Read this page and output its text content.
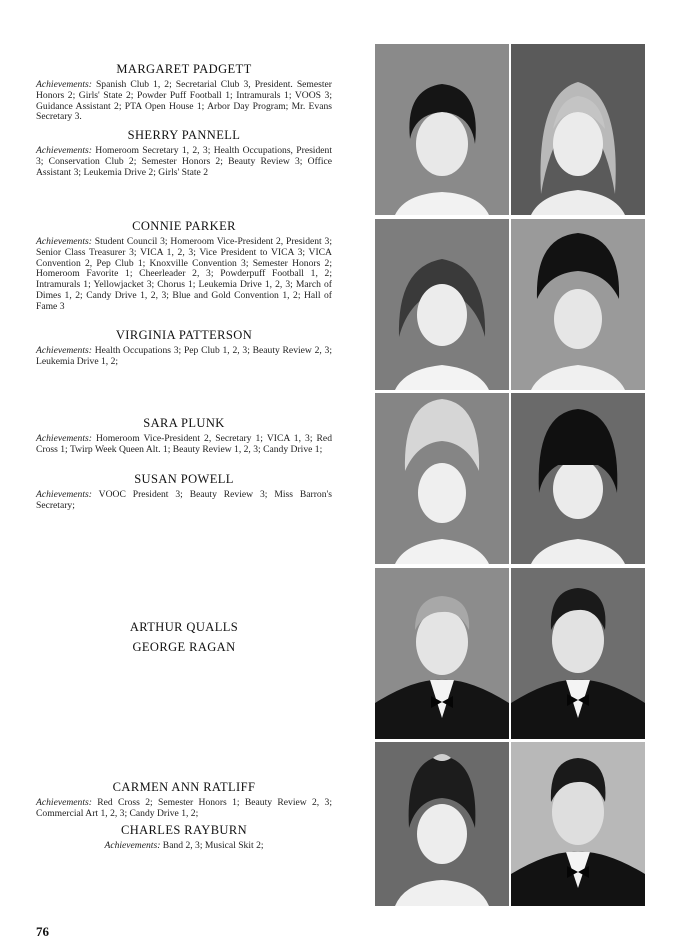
MARGARET PADGETT

Achievements: Spanish Club 1, 2; Secretarial Club 3, President. Semester Honors 2; Girls' State 2; Powder Puff Football 1; Intramurals 1; VOOS 3; Guidance Assistant 2; PTA Open House 1; Arbor Day Program; Mr. Evans Secretary 3.

SHERRY PANNELL

Achievements: Homeroom Secretary 1, 2, 3; Health Occupations, President 3; Conservation Club 2; Semester Honors 2; Beauty Review 3; Office Assistant 3; Leukemia Drive 2; Girls' State 2

CONNIE PARKER

Achievements: Student Council 3; Homeroom Vice-President 2, President 3; Senior Class Treasurer 3; VICA 1, 2, 3; Vice President to VICA 3; VICA Convention 2, Pep Club 1; Knoxville Convention 3; Semester Honors 2; Homeroom Favorite 1; Cheerleader 2, 3; Powderpuff Football 1, 2; Intramurals 1; Yellowjacket 3; Chorus 1; Leukemia Drive 1, 2, 3; March of Dimes 1, 2; Candy Drive 1, 2, 3; Blue and Gold Convention 1, 2; Hall of Fame 3

VIRGINIA PATTERSON

Achievements: Health Occupations 3; Pep Club 1, 2, 3; Beauty Review 2, 3; Leukemia Drive 1, 2;

SARA PLUNK

Achievements: Homeroom Vice-President 2, Secretary 1; VICA 1, 3; Red Cross 1; Twirp Week Queen Alt. 1; Beauty Review 1, 2, 3; Candy Drive 1;

SUSAN POWELL

Achievements: VOOC President 3; Beauty Review 3; Miss Barron's Secretary;

ARTHUR QUALLS

GEORGE RAGAN

CARMEN ANN RATLIFF

Achievements: Red Cross 2; Semester Honors 1; Beauty Review 2, 3; Commercial Art 1, 2, 3; Candy Drive 1, 2;

CHARLES RAYBURN

Achievements: Band 2, 3; Musical Skit 2;

76
